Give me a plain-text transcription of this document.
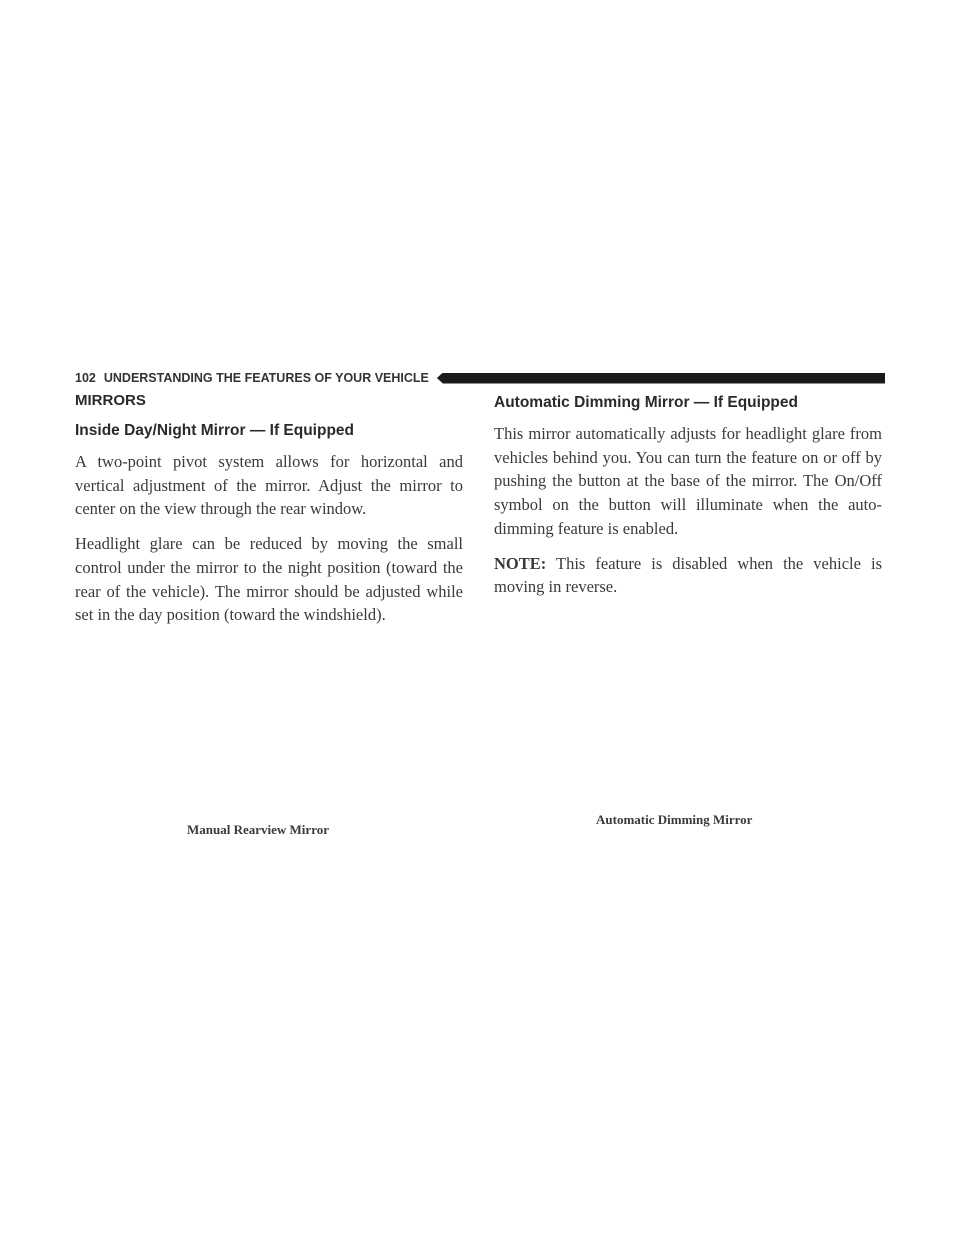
102 UNDERSTANDING THE FEATURES OF YOUR VEHICLE
MIRRORS
Inside Day/Night Mirror — If Equipped

A two-point pivot system allows for horizontal and vertical adjustment of the mirror. Adjust the mirror to center on the view through the rear window.

Headlight glare can be reduced by moving the small control under the mirror to the night position (toward the rear of the vehicle). The mirror should be adjusted while set in the day position (toward the windshield).

Automatic Dimming Mirror — If Equipped

This mirror automatically adjusts for headlight glare from vehicles behind you. You can turn the feature on or off by pushing the button at the base of the mirror. The On/Off symbol on the button will illuminate when the auto-dimming feature is enabled.

NOTE: This feature is disabled when the vehicle is moving in reverse.

Manual Rearview Mirror
Automatic Dimming Mirror
